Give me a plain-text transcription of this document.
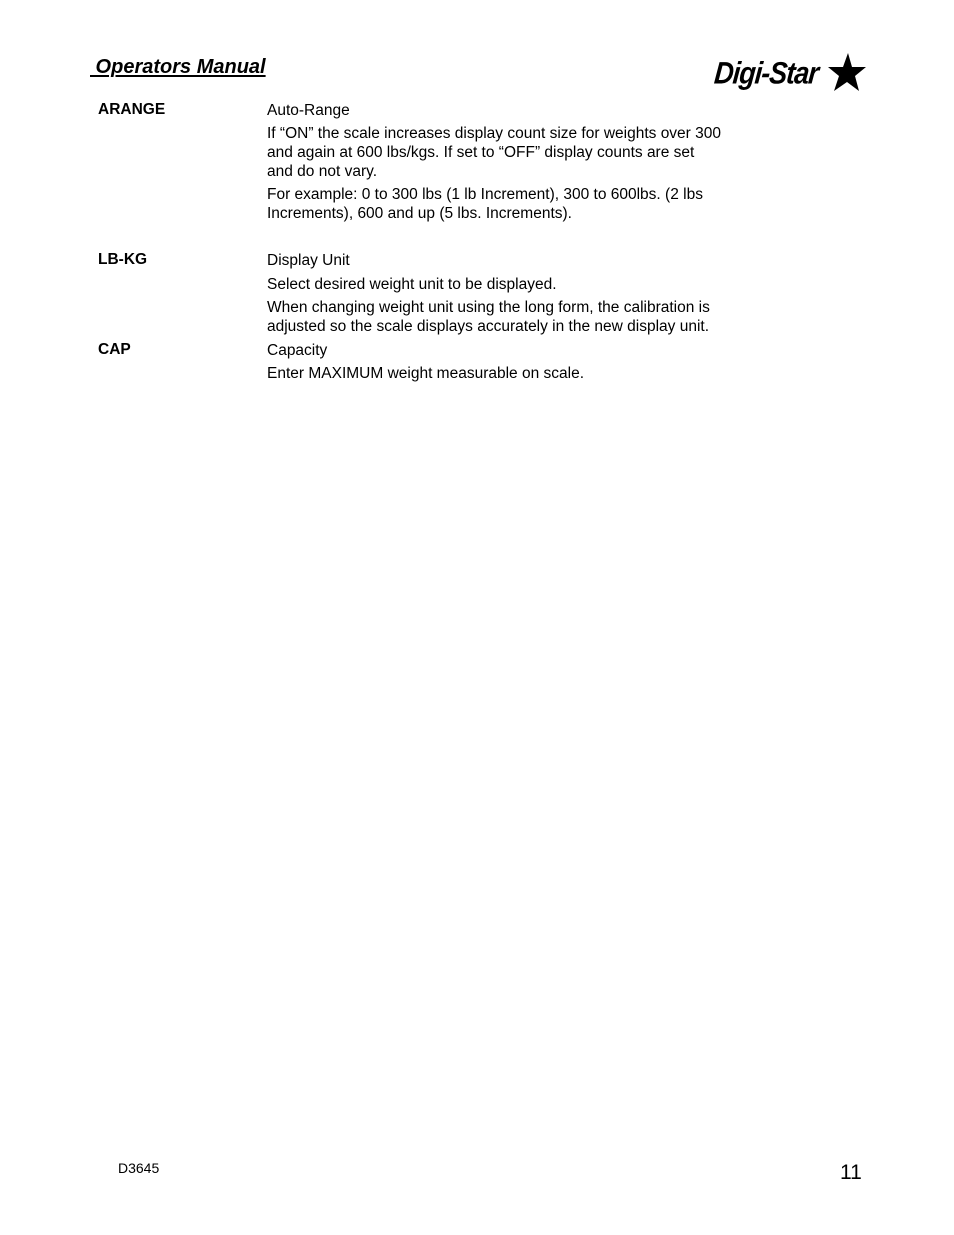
Operators Manual	Digi-Star
ARANGE	Auto-Range
If “ON” the scale increases display count size for weights over 300
and again at 600 lbs/kgs. If set to “OFF” display counts are set
and do not vary.
For example: 0 to 300 lbs (1 lb Increment), 300 to 600lbs. (2 lbs
Increments), 600 and up (5 lbs. Increments).
LB-KG	Display Unit
Select desired weight unit to be displayed.
When changing weight unit using the long form, the calibration is
adjusted so the scale displays accurately in the new display unit.
CAP	Capacity
Enter MAXIMUM weight measurable on scale.
D3645	11
